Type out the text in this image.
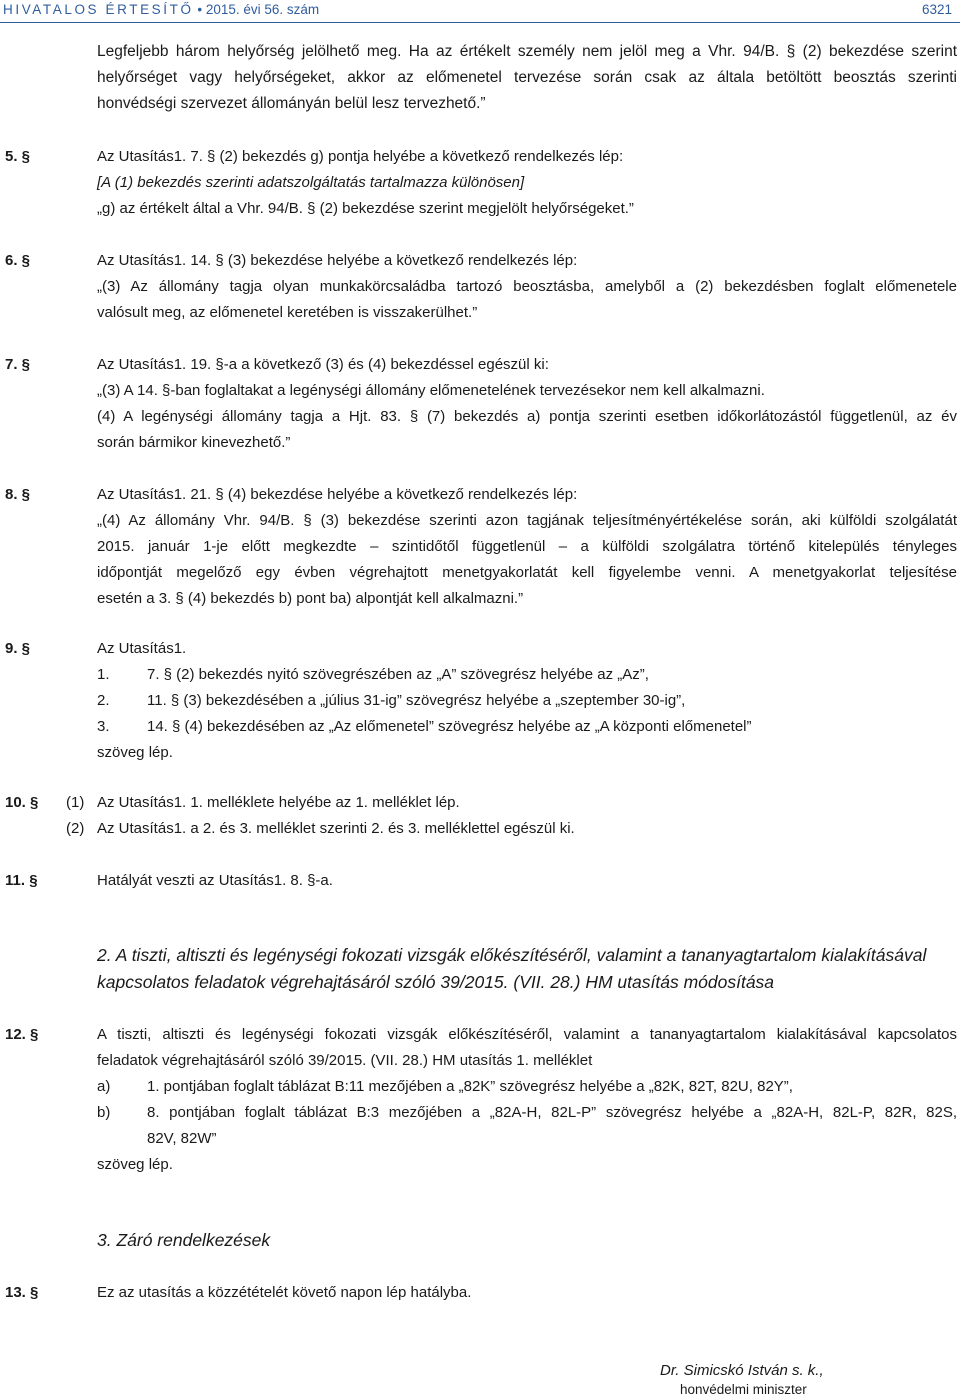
HIVATALOS ÉRTESÍTŐ • 2015. évi 56. szám	6321
Legfeljebb három helyőrség jelölhető meg. Ha az értékelt személy nem jelöl meg a Vhr. 94/B. § (2) bekezdése szerint
helyőrséget vagy helyőrségeket, akkor az előmenetel tervezése során csak az általa betöltött beosztás szerinti
honvédségi szervezet állományán belül lesz tervezhető.”
5. §	Az Utasítás1. 7. § (2) bekezdés g) pontja helyébe a következő rendelkezés lép:
[A (1) bekezdés szerinti adatszolgáltatás tartalmazza különösen]
„g) az értékelt által a Vhr. 94/B. § (2) bekezdése szerint megjelölt helyőrségeket.”
6. §	Az Utasítás1. 14. § (3) bekezdése helyébe a következő rendelkezés lép:
„(3) Az állomány tagja olyan munkakörcsaládba tartozó beosztásba, amelyből a (2) bekezdésben foglalt előmenetele
valósult meg, az előmenetel keretében is visszakerülhet.”
7. §	Az Utasítás1. 19. §-a a következő (3) és (4) bekezdéssel egészül ki:
„(3) A 14. §-ban foglaltakat a legénységi állomány előmenetelének tervezésekor nem kell alkalmazni.
(4) A legénységi állomány tagja a Hjt. 83. § (7) bekezdés a) pontja szerinti esetben időkorlátozástól függetlenül, az év
során bármikor kinevezhető.”
8. §	Az Utasítás1. 21. § (4) bekezdése helyébe a következő rendelkezés lép:
„(4) Az állomány Vhr. 94/B. § (3) bekezdése szerinti azon tagjának teljesítményértékelése során, aki külföldi szolgálatát
2015. január 1-je előtt megkezdte – szintidőtől függetlenül – a külföldi szolgálatra történő kitelepülés tényleges
időpontját megelőző egy évben végrehajtott menetgyakorlatát kell figyelembe venni. A menetgyakorlat teljesítése
esetén a 3. § (4) bekezdés b) pont ba) alpontját kell alkalmazni.”
9. §	Az Utasítás1.
1. 7. § (2) bekezdés nyitó szövegrészében az „A” szövegrész helyébe az „Az”,
2. 11. § (3) bekezdésében a „július 31-ig” szövegrész helyébe a „szeptember 30-ig”,
3. 14. § (4) bekezdésében az „Az előmenetel” szövegrész helyébe az „A központi előmenetel”
szöveg lép.
10. § (1) Az Utasítás1. 1. melléklete helyébe az 1. melléklet lép.
(2) Az Utasítás1. a 2. és 3. melléklet szerinti 2. és 3. melléklettel egészül ki.
11. §	Hatályát veszti az Utasítás1. 8. §-a.
2. A tiszti, altiszti és legénységi fokozati vizsgák előkészítéséről, valamint a tananyagtartalom kialakításával
kapcsolatos feladatok végrehajtásáról szóló 39/2015. (VII. 28.) HM utasítás módosítása
12. §	A tiszti, altiszti és legénységi fokozati vizsgák előkészítéséről, valamint a tananyagtartalom kialakításával kapcsolatos
feladatok végrehajtásáról szóló 39/2015. (VII. 28.) HM utasítás 1. melléklet
a) 1. pontjában foglalt táblázat B:11 mezőjében a „82K” szövegrész helyébe a „82K, 82T, 82U, 82Y”,
b) 8. pontjában foglalt táblázat B:3 mezőjében a „82A-H, 82L-P” szövegrész helyébe a „82A-H, 82L-P, 82R, 82S,
82V, 82W”
szöveg lép.
3. Záró rendelkezések
13. §	Ez az utasítás a közzétételét követő napon lép hatályba.
Dr. Simicskó István s. k.,
honvédelmi miniszter
